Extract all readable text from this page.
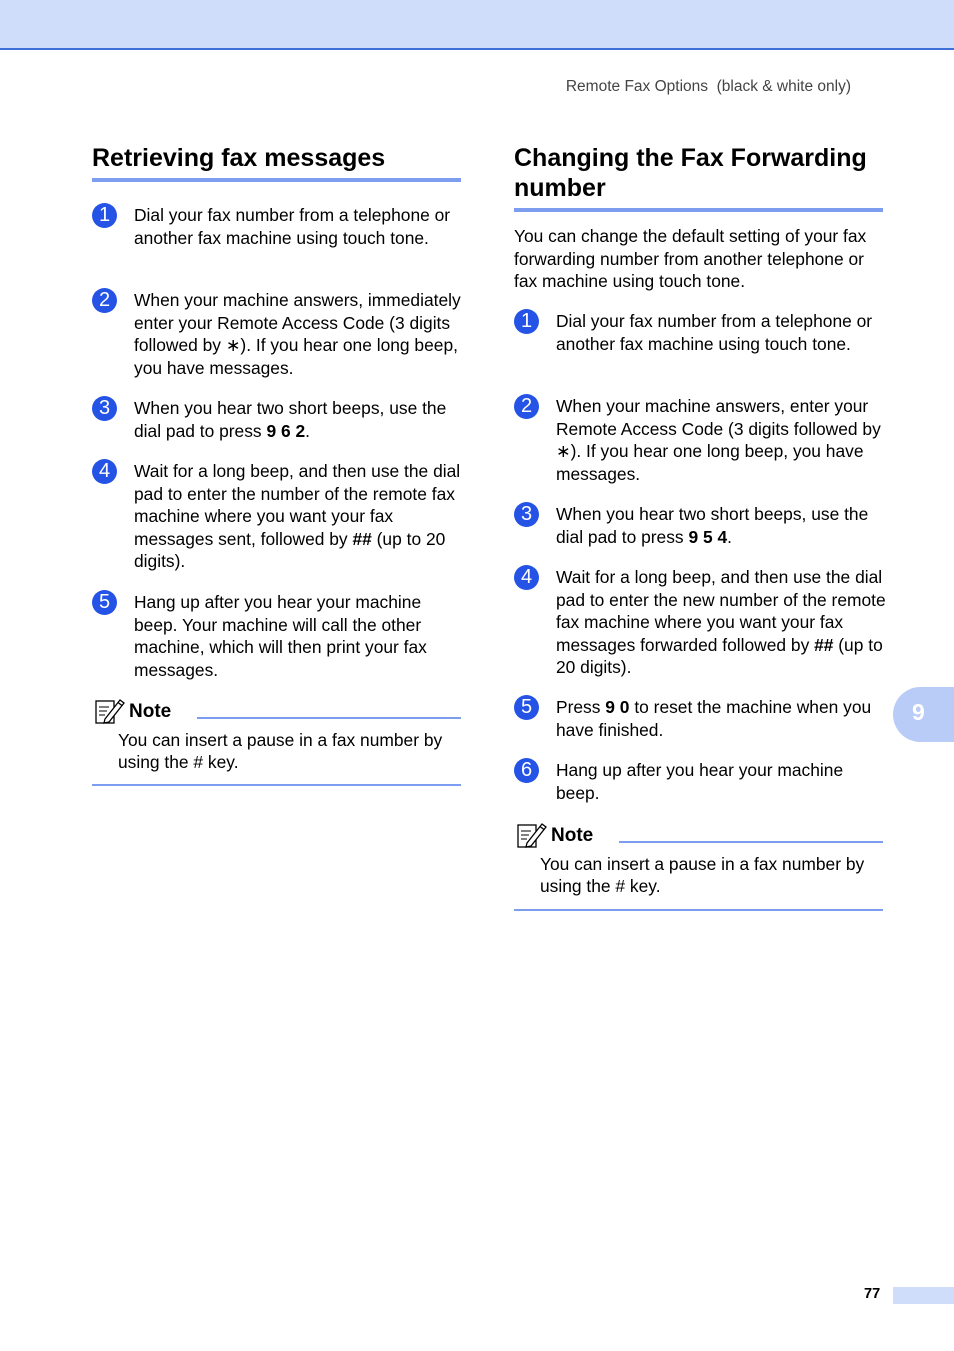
Remote Fax Options  (black & white only)
Retrieving fax messages
1	Dial your fax number from a telephone or another fax machine using touch tone.
2	When your machine answers, immediately enter your Remote Access Code (3 digits followed by ∗). If you hear one long beep, you have messages.
3	When you hear two short beeps, use the dial pad to press 9 6 2.
4	Wait for a long beep, and then use the dial pad to enter the number of the remote fax machine where you want your fax messages sent, followed by ## (up to 20 digits).
5	Hang up after you hear your machine beep. Your machine will call the other machine, which will then print your fax messages.
Note
You can insert a pause in a fax number by using the # key.
Changing the Fax Forwarding number
You can change the default setting of your fax forwarding number from another telephone or fax machine using touch tone.
1	Dial your fax number from a telephone or another fax machine using touch tone.
2	When your machine answers, enter your Remote Access Code (3 digits followed by ∗). If you hear one long beep, you have messages.
3	When you hear two short beeps, use the dial pad to press 9 5 4.
4	Wait for a long beep, and then use the dial pad to enter the new number of the remote fax machine where you want your fax messages forwarded followed by ## (up to 20 digits).
5	Press 9 0 to reset the machine when you have finished.
6	Hang up after you hear your machine beep.
Note
You can insert a pause in a fax number by using the # key.
9
77
